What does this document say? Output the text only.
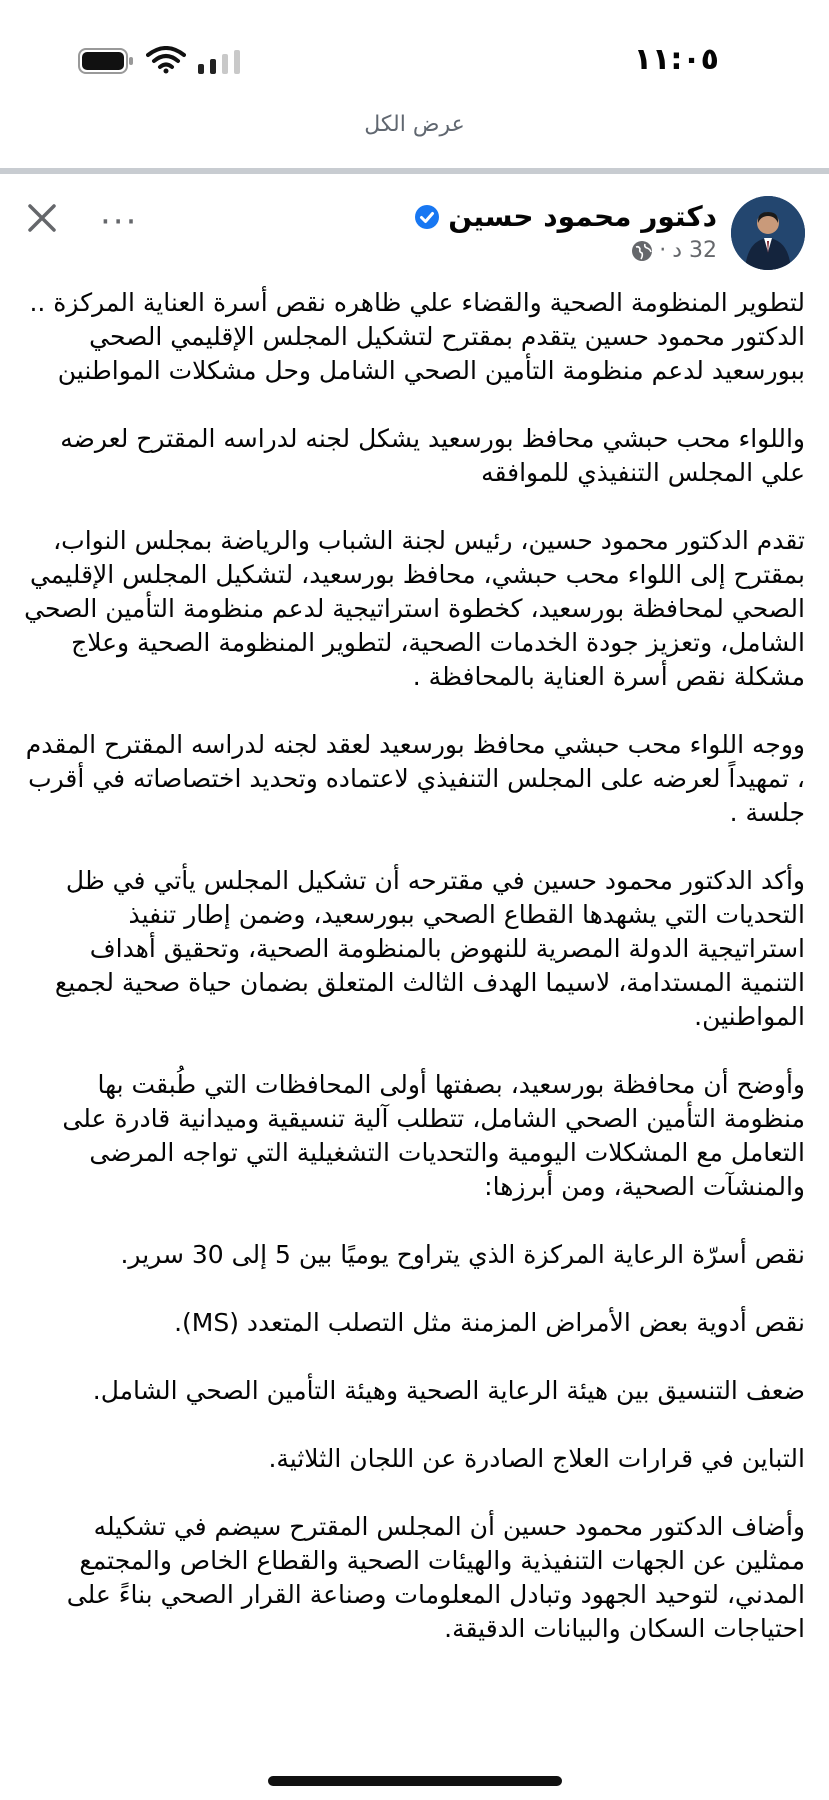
١١:٠٥
عرض الكل
دكتور محمود حسين
32 د
·
···

لتطوير المنظومة الصحية والقضاء علي ظاهره نقص أسرة العناية المركزة ..

الدكتور محمود حسين يتقدم بمقترح لتشكيل المجلس الإقليمي الصحي ببورسعيد لدعم منظومة التأمين الصحي الشامل وحل مشكلات المواطنين

واللواء محب حبشي محافظ بورسعيد يشكل لجنه لدراسه المقترح لعرضه علي المجلس التنفيذي للموافقه

تقدم الدكتور محمود حسين، رئيس لجنة الشباب والرياضة بمجلس النواب، بمقترح إلى اللواء محب حبشي، محافظ بورسعيد، لتشكيل المجلس الإقليمي الصحي لمحافظة بورسعيد، كخطوة استراتيجية لدعم منظومة التأمين الصحي الشامل، وتعزيز جودة الخدمات الصحية، لتطوير المنظومة الصحية وعلاج مشكلة نقص أسرة العناية بالمحافظة .

ووجه اللواء محب حبشي محافظ بورسعيد لعقد لجنه لدراسه المقترح المقدم ، تمهيداً لعرضه على المجلس التنفيذي لاعتماده وتحديد اختصاصاته في أقرب جلسة .

وأكد الدكتور محمود حسين في مقترحه أن تشكيل المجلس يأتي في ظل التحديات التي يشهدها القطاع الصحي ببورسعيد، وضمن إطار تنفيذ استراتيجية الدولة المصرية للنهوض بالمنظومة الصحية، وتحقيق أهداف التنمية المستدامة، لاسيما الهدف الثالث المتعلق بضمان حياة صحية لجميع المواطنين.

وأوضح أن محافظة بورسعيد، بصفتها أولى المحافظات التي طُبقت بها منظومة التأمين الصحي الشامل، تتطلب آلية تنسيقية وميدانية قادرة على التعامل مع المشكلات اليومية والتحديات التشغيلية التي تواجه المرضى والمنشآت الصحية، ومن أبرزها:

نقص أسرّة الرعاية المركزة الذي يتراوح يوميًا بين 5 إلى 30 سرير.

نقص أدوية بعض الأمراض المزمنة مثل التصلب المتعدد (MS).

ضعف التنسيق بين هيئة الرعاية الصحية وهيئة التأمين الصحي الشامل.

التباين في قرارات العلاج الصادرة عن اللجان الثلاثية.

وأضاف الدكتور محمود حسين أن المجلس المقترح سيضم في تشكيله ممثلين عن الجهات التنفيذية والهيئات الصحية والقطاع الخاص والمجتمع المدني، لتوحيد الجهود وتبادل المعلومات وصناعة القرار الصحي بناءً على احتياجات السكان والبيانات الدقيقة.
